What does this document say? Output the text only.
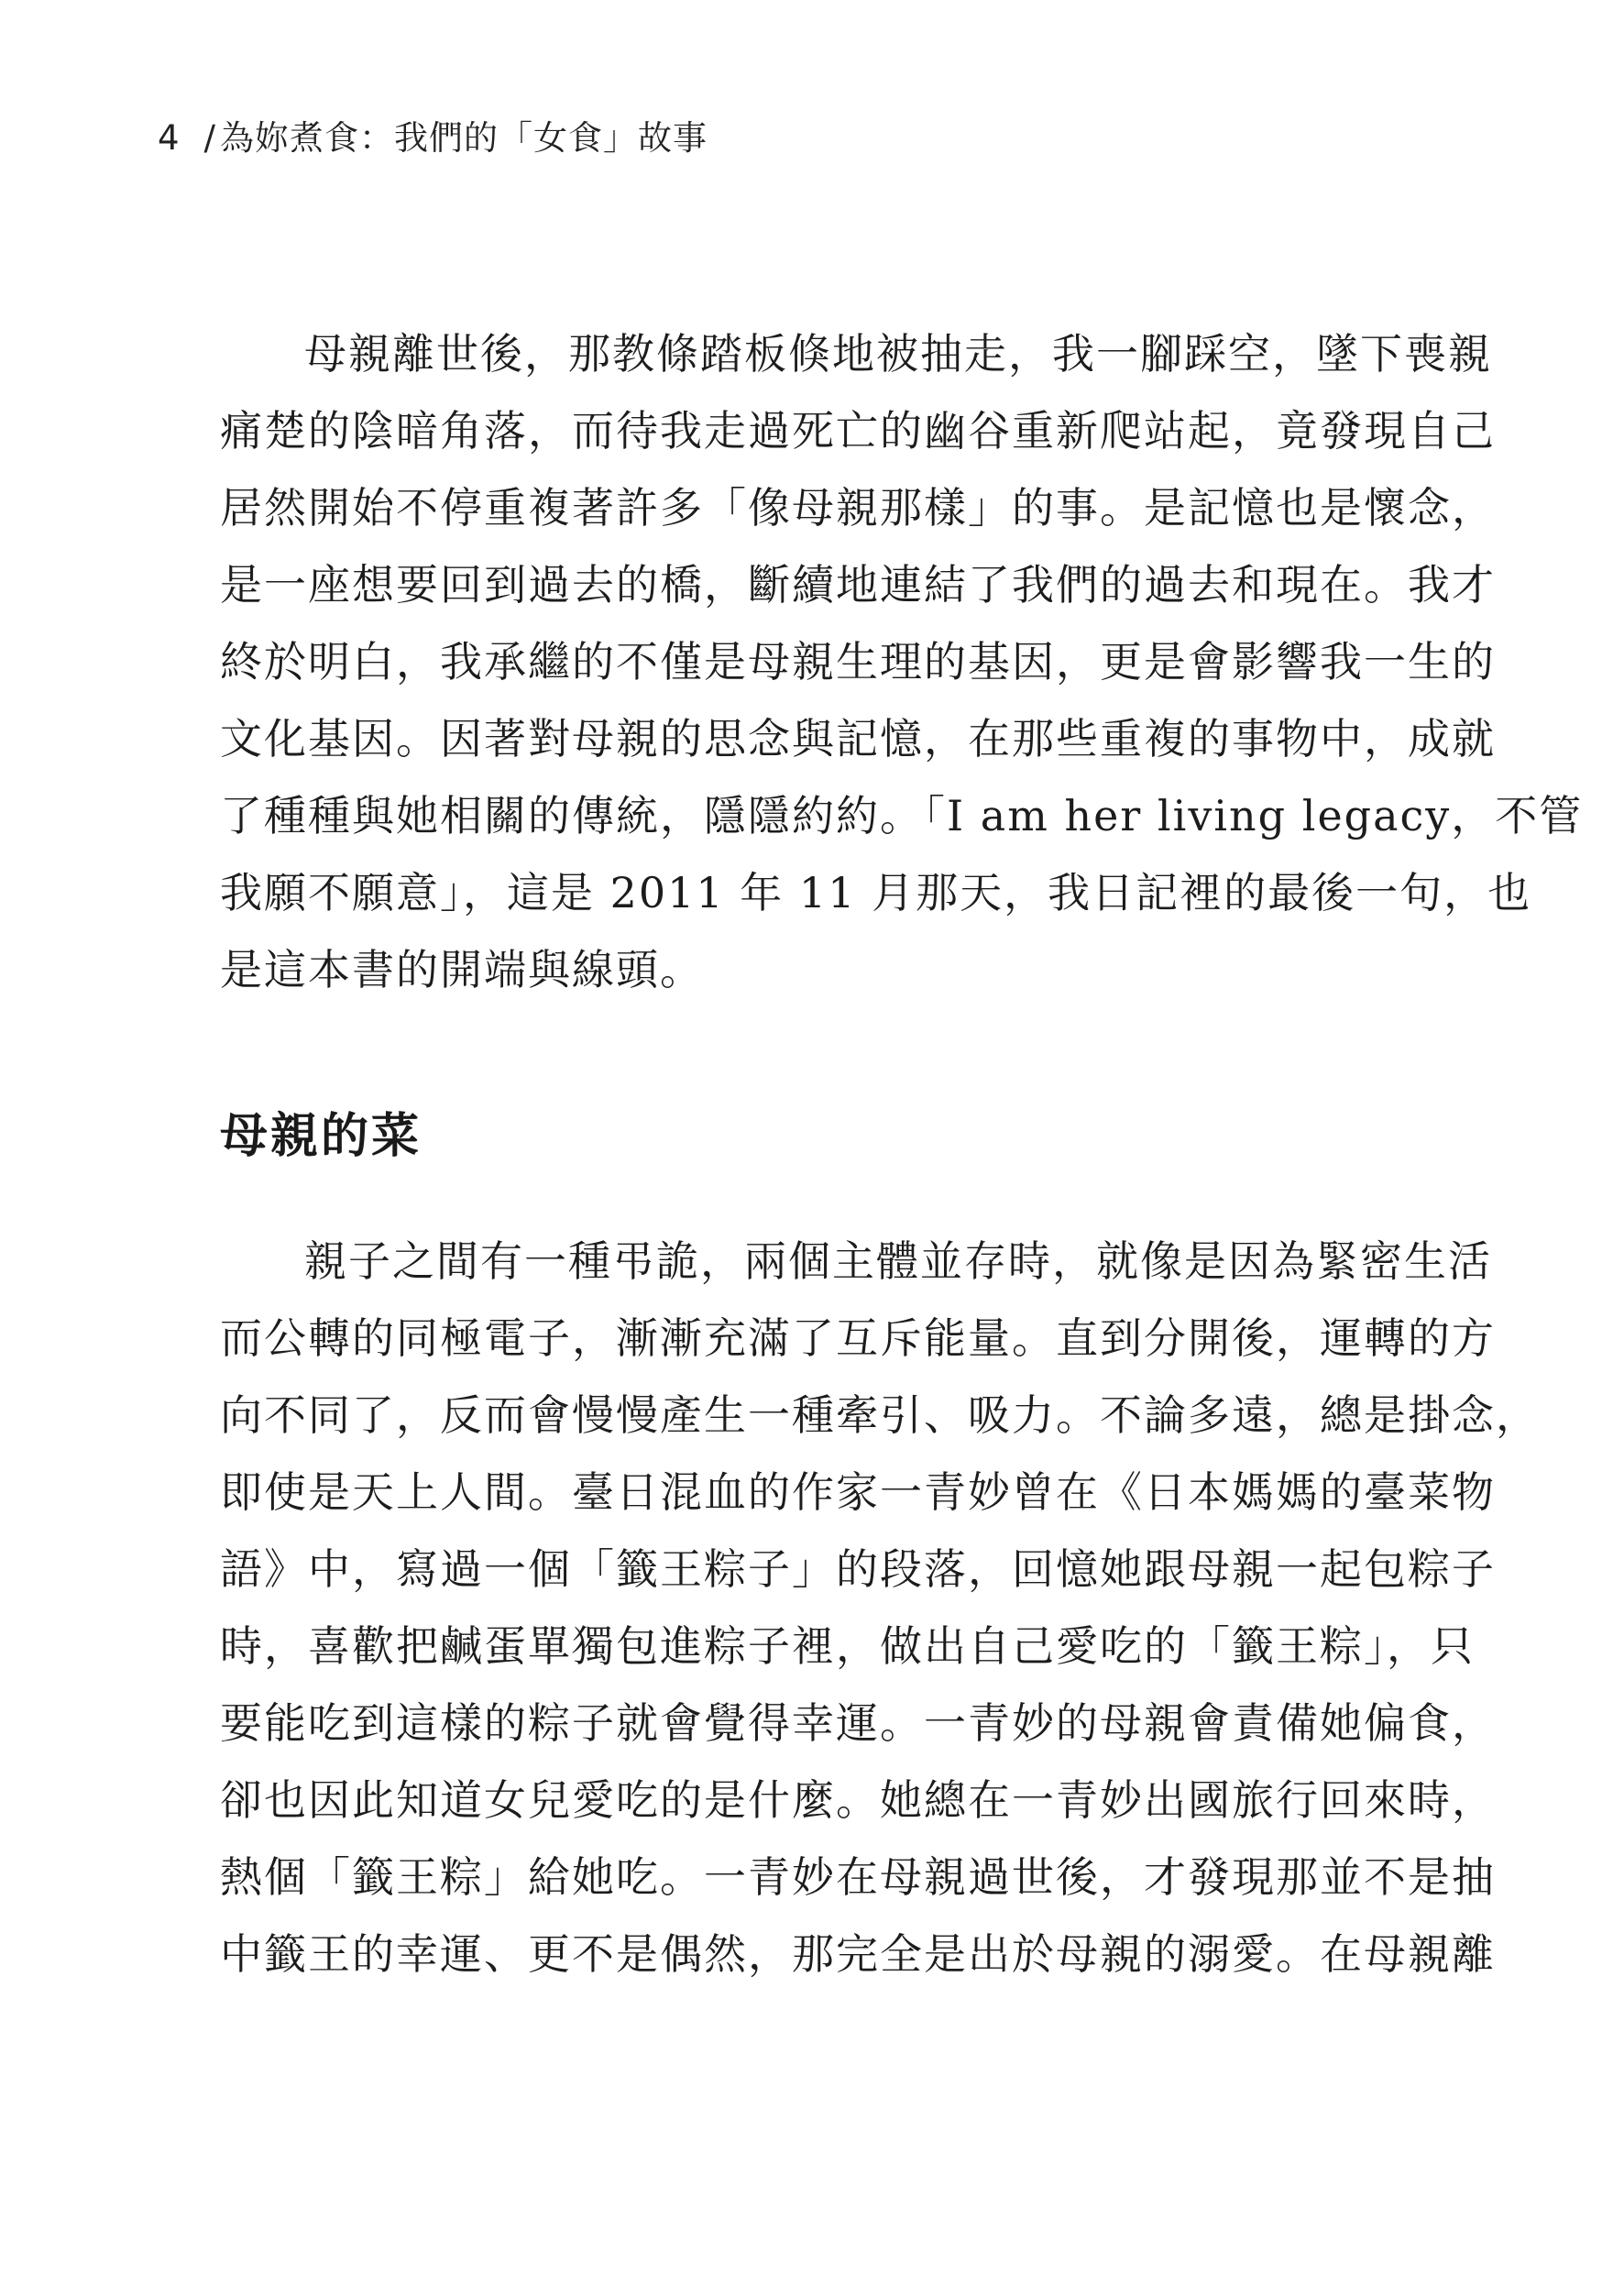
4 / 為妳煮食：我們的「女食」故事
母親離世後，那教條踏板倏地被抽走，我一腳踩空，墜下喪親
痛楚的陰暗角落，而待我走過死亡的幽谷重新爬站起，竟發現自己
居然開始不停重複著許多「像母親那樣」的事。是記憶也是懷念，
是一座想要回到過去的橋，斷續地連結了我們的過去和現在。我才
終於明白，我承繼的不僅是母親生理的基因，更是會影響我一生的
文化基因。因著對母親的思念與記憶，在那些重複的事物中，成就
了種種與她相關的傳統，隱隱約約。「I am her living legacy，不管
我願不願意」，這是 2011 年 11 月那天，我日記裡的最後一句，也
是這本書的開端與線頭。
母親的菜
親子之間有一種弔詭，兩個主體並存時，就像是因為緊密生活
而公轉的同極電子，漸漸充滿了互斥能量。直到分開後，運轉的方
向不同了，反而會慢慢產生一種牽引、吸力。不論多遠，總是掛念，
即使是天上人間。臺日混血的作家一青妙曾在《日本媽媽的臺菜物
語》中，寫過一個「籤王粽子」的段落，回憶她跟母親一起包粽子
時，喜歡把鹹蛋單獨包進粽子裡，做出自己愛吃的「籤王粽」，只
要能吃到這樣的粽子就會覺得幸運。一青妙的母親會責備她偏食，
卻也因此知道女兒愛吃的是什麼。她總在一青妙出國旅行回來時，
熱個「籤王粽」給她吃。一青妙在母親過世後，才發現那並不是抽
中籤王的幸運、更不是偶然，那完全是出於母親的溺愛。在母親離
